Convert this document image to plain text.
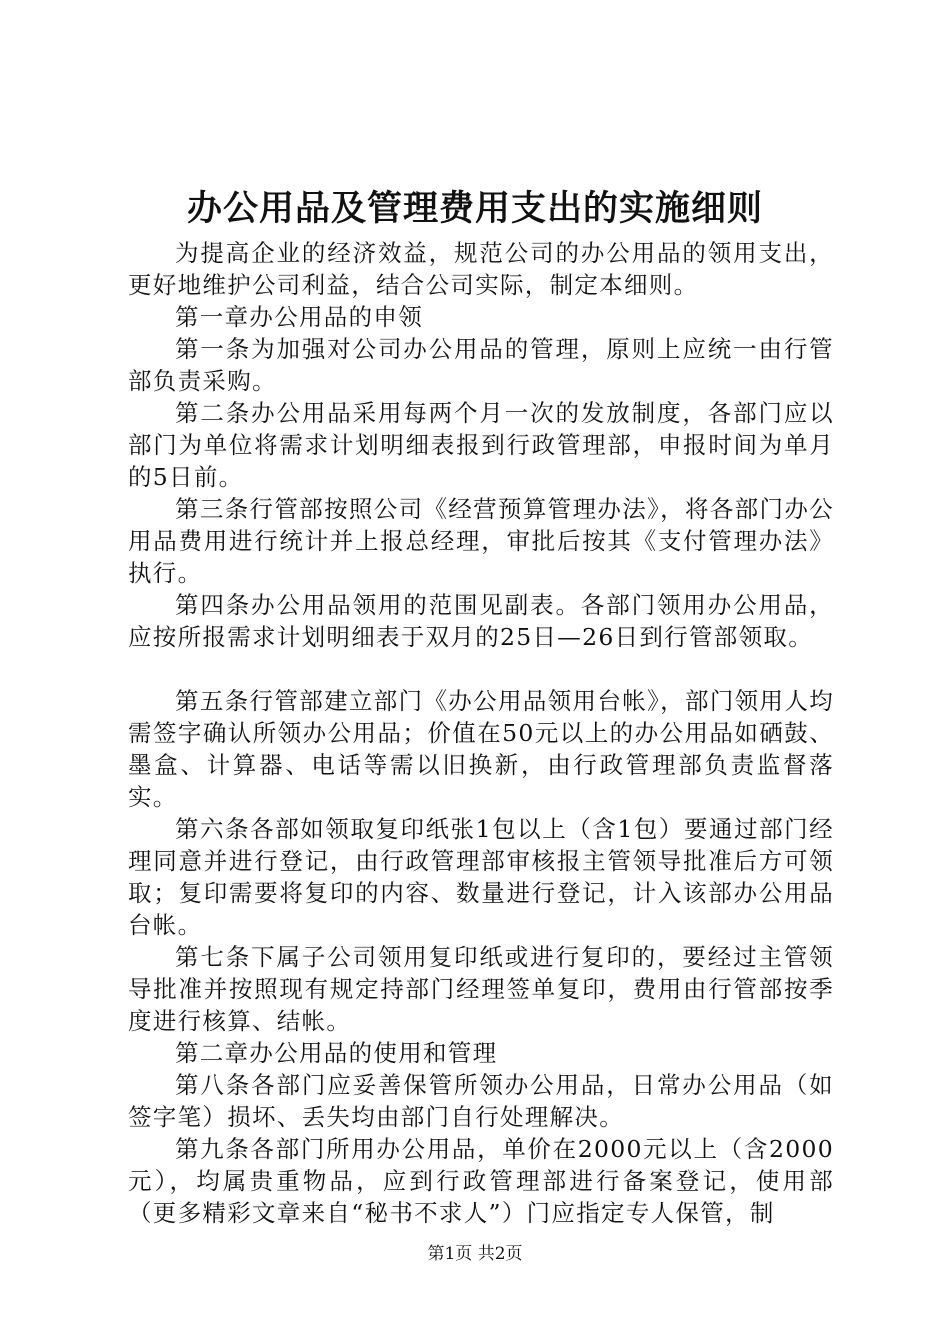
办公用品及管理费用支出的实施细则

为提高企业的经济效益，规范公司的办公用品的领用支出，更好地维护公司利益，结合公司实际，制定本细则。

第一章办公用品的申领

第一条为加强对公司办公用品的管理，原则上应统一由行管部负责采购。

第二条办公用品采用每两个月一次的发放制度，各部门应以部门为单位将需求计划明细表报到行政管理部，申报时间为单月的5日前。

第三条行管部按照公司《经营预算管理办法》，将各部门办公用品费用进行统计并上报总经理，审批后按其《支付管理办法》执行。

第四条办公用品领用的范围见副表。各部门领用办公用品，应按所报需求计划明细表于双月的25日—26日到行管部领取。

第五条行管部建立部门《办公用品领用台帐》，部门领用人均需签字确认所领办公用品；价值在50元以上的办公用品如硒鼓、墨盒、计算器、电话等需以旧换新，由行政管理部负责监督落实。

第六条各部如领取复印纸张1包以上（含1包）要通过部门经理同意并进行登记，由行政管理部审核报主管领导批准后方可领取；复印需要将复印的内容、数量进行登记，计入该部办公用品台帐。

第七条下属子公司领用复印纸或进行复印的，要经过主管领导批准并按照现有规定持部门经理签单复印，费用由行管部按季度进行核算、结帐。

第二章办公用品的使用和管理

第八条各部门应妥善保管所领办公用品，日常办公用品（如签字笔）损坏、丢失均由部门自行处理解决。

第九条各部门所用办公用品，单价在2000元以上（含2000元），均属贵重物品，应到行政管理部进行备案登记，使用部（更多精彩文章来自“秘书不求人”）门应指定专人保管，制

第1页 共2页
